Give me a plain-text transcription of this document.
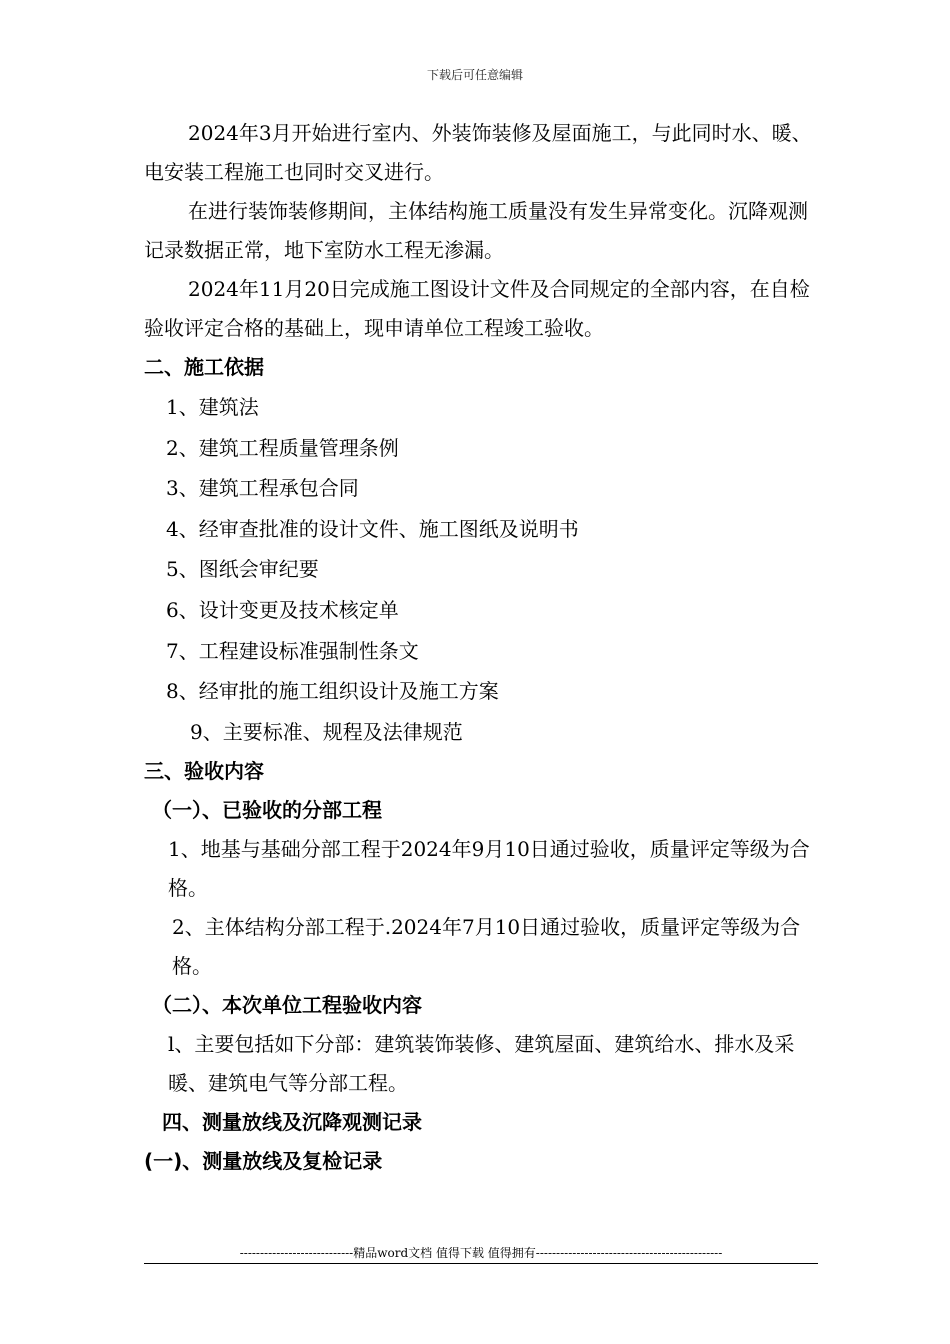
下载后可任意编辑

2024年3月开始进行室内、外装饰装修及屋面施工，与此同时水、暖、电安装工程施工也同时交叉进行。

在进行装饰装修期间，主体结构施工质量没有发生异常变化。沉降观测记录数据正常，地下室防水工程无渗漏。

2024年11月20日完成施工图设计文件及合同规定的全部内容，在自检验收评定合格的基础上，现申请单位工程竣工验收。

二、施工依据

1、建筑法

2、建筑工程质量管理条例

3、建筑工程承包合同

4、经审查批准的设计文件、施工图纸及说明书

5、图纸会审纪要

6、设计变更及技术核定单

7、工程建设标准强制性条文

8、经审批的施工组织设计及施工方案

9、主要标准、规程及法律规范

三、验收内容

（一）、已验收的分部工程

1、地基与基础分部工程于2024年9月10日通过验收，质量评定等级为合格。

2、主体结构分部工程于.2024年7月10日通过验收，质量评定等级为合格。

（二）、本次单位工程验收内容

l、主要包括如下分部：建筑装饰装修、建筑屋面、建筑给水、排水及采暖、建筑电气等分部工程。

四、测量放线及沉降观测记录

(一)、测量放线及复检记录

----------------------------精品word文档 值得下载 值得拥有----------------------------------------------
